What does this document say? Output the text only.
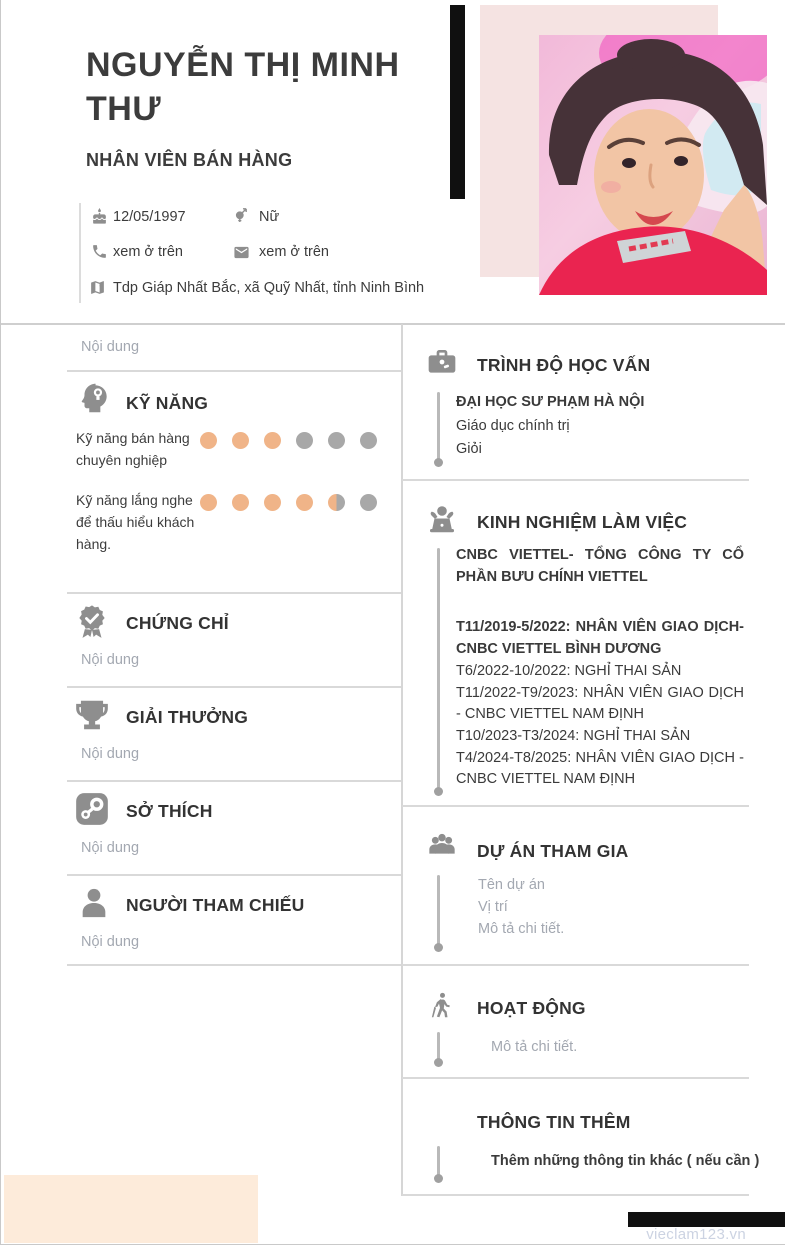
NGUYỄN THỊ MINH THƯ
NHÂN VIÊN BÁN HÀNG
12/05/1997	Nữ
xem ở trên	xem ở trên
Tdp Giáp Nhất Bắc, xã Quỹ Nhất, tỉnh Ninh Bình
Nội dung
KỸ NĂNG
Kỹ năng bán hàng chuyên nghiệp
Kỹ năng lắng nghe để thấu hiểu khách hàng.
CHỨNG CHỈ
Nội dung
GIẢI THƯỞNG
Nội dung
SỞ THÍCH
Nội dung
NGƯỜI THAM CHIẾU
Nội dung
TRÌNH ĐỘ HỌC VẤN
ĐẠI HỌC SƯ PHẠM HÀ NỘI
Giáo dục chính trị
Giỏi
KINH NGHIỆM LÀM VIỆC

CNBC VIETTEL- TỔNG CÔNG TY CỔ PHẦN BƯU CHÍNH VIETTEL

T11/2019-5/2022: NHÂN VIÊN GIAO DỊCH- CNBC VIETTEL BÌNH DƯƠNG

T6/2022-10/2022: NGHỈ THAI SẢN

T11/2022-T9/2023: NHÂN VIÊN GIAO DỊCH - CNBC VIETTEL NAM ĐỊNH

T10/2023-T3/2024: NGHỈ THAI SẢN

T4/2024-T8/2025: NHÂN VIÊN GIAO DỊCH - CNBC VIETTEL NAM ĐỊNH

DỰ ÁN THAM GIA
Tên dự án
Vị trí
Mô tả chi tiết.
HOẠT ĐỘNG
Mô tả chi tiết.
THÔNG TIN THÊM
Thêm những thông tin khác ( nếu cần )
vieclam123.vn
